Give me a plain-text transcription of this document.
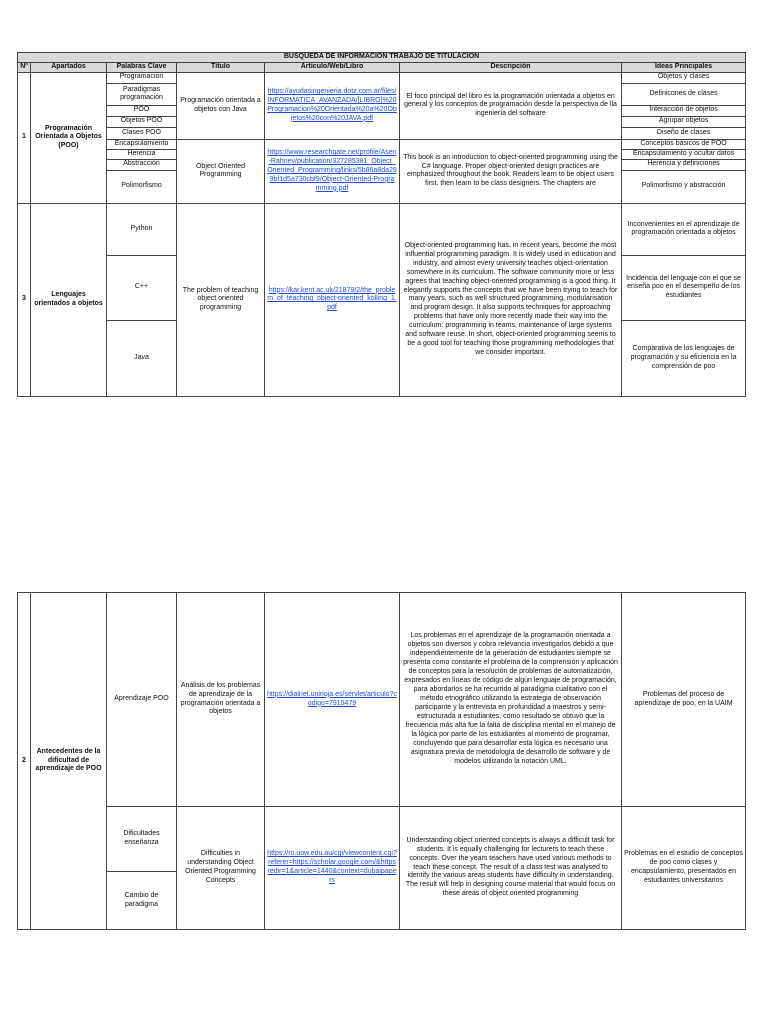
BÚSQUEDA DE INFORMACIÓN TRABAJO DE TITULACIÓN						
Nº	Apartados	Palabras Clave	Título	Artículo/Web/Libro	Descripción	Ideas Principales
1	Programación Orientada a Objetos (POO)	Programacion	Programación orientada a objetos con Java	https://ayudasingenieria.dotz.com.ar/files/INFORMATICA_AVANZADA/[LIBRO]%20Programacion%20Orientada%20a%20Objetos%20con%20JAVA.pdf	El foco principal del libro es la programación orientada a objetos en general y los conceptos de programación desde la perspectiva de lla ingeniería del software	Objetos y clases
		Paradigmas programación				Definicones de clases
		POO				Interacción de objetos
		Objetos POO				Agrupar objetos
		Clases POO				Diseño de clases
		Encapsulamiento	Object Oriented Programming	https://www.researchgate.net/profile/Asen-Rahnev/publication/327285381_Object_Oriented_Programming/links/5b86a8da299bf1d5a730cbf9/Object-Oriented-Programming.pdf	This book is an introduction to object-oriented programming using the C# language. Proper object-oriented design practices are emphasized throughout the book. Readers learn to be object users first, then learn to be class designers. The chapters are	Conceptos básicos de POO
		Herencia				Encapsulamiento y ocultar datos
		Abstracción				Herencia y definiciones
		Polimorfismo				Polimorfismo y abstracción
3	Lenguajes orientados a objetos	Python	The problem of teaching object oriented programming	https://kar.kent.ac.uk/21879/2/the_problem_of_teaching_object-oriented_kolling_1.pdf	Object-oriented programming has, in recent years, become the most influential programming paradigm. It is widely used in education and industry, and almost every university teaches object-orientation somewhere in its curriculum. The software community more or less agrees that teaching object-oriented programming is a good thing. It elegantly supports the concepts that we have been trying to teach for many years, such as well structured programming, modularisation and program design. It also supports techniques for approaching problems that have only more recently made their way into the curriculum: programming in teams, maintenance of large systems and software reuse. In short, object-oriented programming seems to be a good tool for teaching those programming methodologies that we consider important.	Inconvenientes en el aprendizaje de programación orientada a objetos
		C++				Incidencia del lenguaje con el que se enseña poo en el desempeño de los estudiantes
		Java				Comparativa de los lenguajes de programación y su eficiencia en la comprensión de poo
2	Antecedentes de la dificultad de aprendizaje de POO	Aprendizaje POO	Análisis de los problemas de aprendizaje de la programación orientada a objetos	https://dialnet.unirioja.es/servlet/articulo?codigo=7915479	Los problemas en el aprendizaje de la programación orientada a objetos son diversos y cobra relevancia investigarlos debido a que independientemente de la generación de estudiantes siempre se presenta como constante el problema de la comprensión y aplicación de conceptos para la resolución de problemas de automatización, expresados en líneas de código de algún lenguaje de programación, para abordarlos se ha recurrido al paradigma cualitativo con el método etnográfico utilizando la estrategia de observación participante y la entrevista en profundidad a maestros y semi-estructurada a estudiantes, como resultado se obtuvo que la frecuencia más alta fue la falta de disciplina mental en el manejo de la lógica por parte de los estudiantes al momento de programar, concluyendo que para desarrollar esta lógica es necesario una asignatura previa de metodología de desarrollo de software y de modelos utilizando la notación UML.	Problemas del proceso de aprendizaje de poo, en la UAIM
		Dificultades enseñanza	Difficulties in understanding Object Oriented Programming Concepts	https://ro.uow.edu.au/cgi/viewcontent.cgi?referer=https://scholar.google.com/&httpsredir=1&article=1440&context=dubaipapers	Understanding object oriented concepts is always a difficult task for students. It is equally challenging for lecturers to teach these concepts. Over the years teachers have used various methods to teach these concept. The result of a class test was analysed to identify the various areas students have difficulty in understanding. The result will help in designing course material that would focus on these areas of object oriented programming	Problemas en el estudio de conceptos de poo como clases y encapsulamiento, presentados en estudiantes universitarios
		Cambio de paradigma				
